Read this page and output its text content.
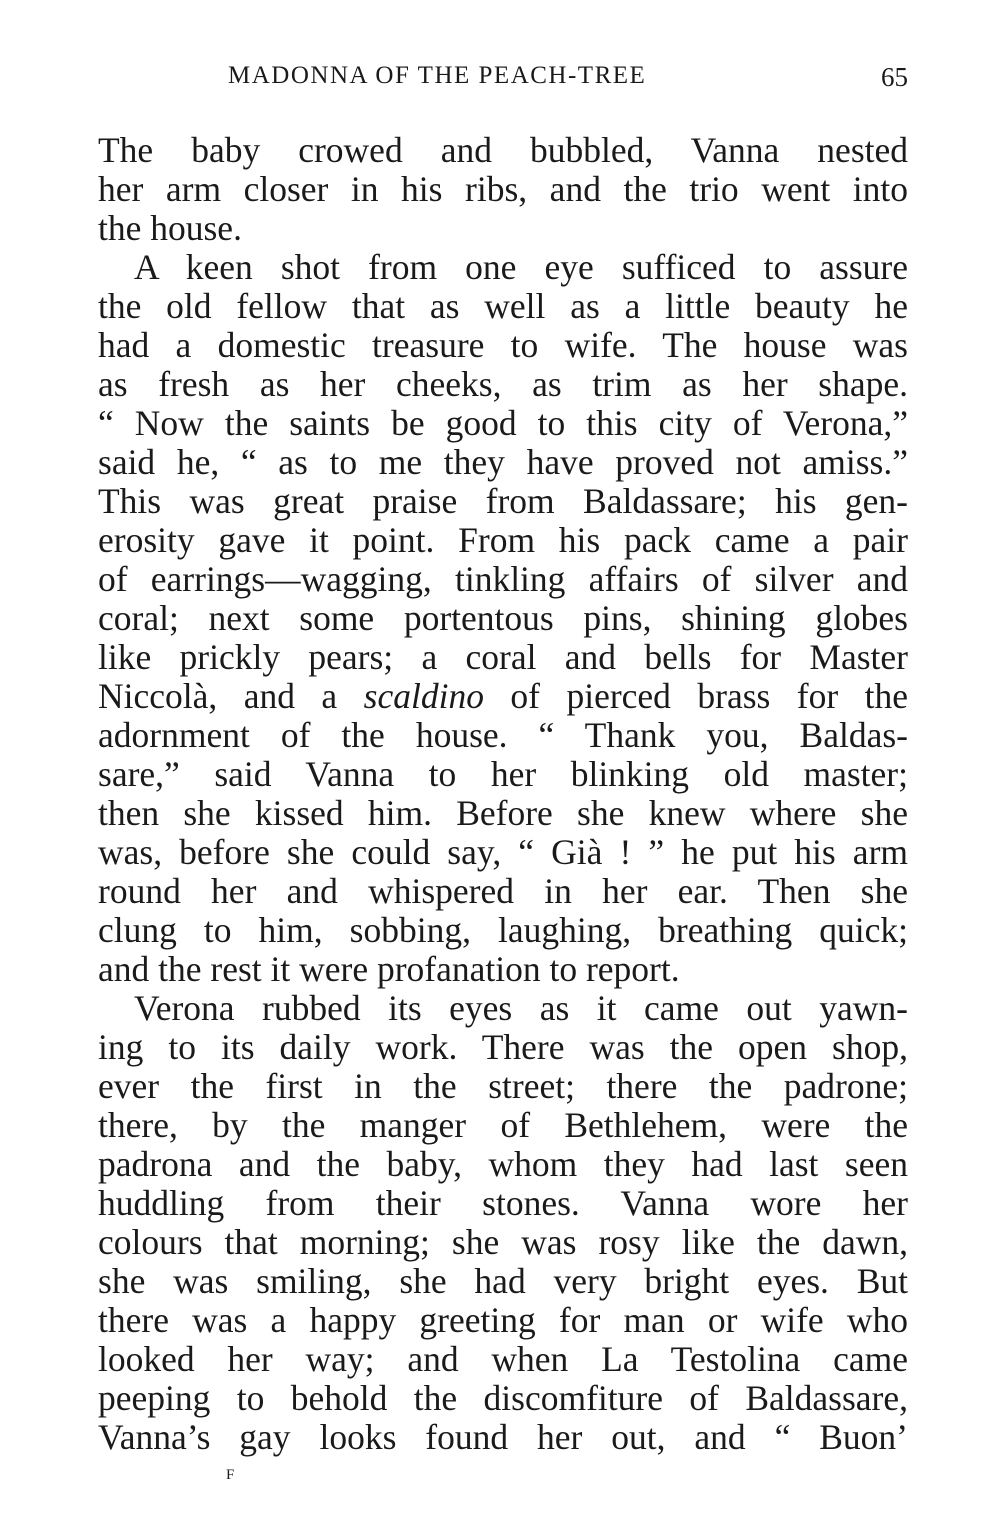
MADONNA OF THE PEACH-TREE	65
The baby crowed and bubbled, Vanna nested
her arm closer in his ribs, and the trio went into
the house.
A keen shot from one eye sufficed to assure
the old fellow that as well as a little beauty he
had a domestic treasure to wife. The house was
as fresh as her cheeks, as trim as her shape.
“ Now the saints be good to this city of Verona,”
said he, “ as to me they have proved not amiss.”
This was great praise from Baldassare; his gen-
erosity gave it point. From his pack came a pair
of earrings—wagging, tinkling affairs of silver and
coral; next some portentous pins, shining globes
like prickly pears; a coral and bells for Master
Niccolà, and a scaldino of pierced brass for the
adornment of the house. “ Thank you, Baldas-
sare,” said Vanna to her blinking old master;
then she kissed him. Before she knew where she
was, before she could say, “ Già ! ” he put his arm
round her and whispered in her ear. Then she
clung to him, sobbing, laughing, breathing quick;
and the rest it were profanation to report.
Verona rubbed its eyes as it came out yawn-
ing to its daily work. There was the open shop,
ever the first in the street; there the padrone;
there, by the manger of Bethlehem, were the
padrona and the baby, whom they had last seen
huddling from their stones. Vanna wore her
colours that morning; she was rosy like the dawn,
she was smiling, she had very bright eyes. But
there was a happy greeting for man or wife who
looked her way; and when La Testolina came
peeping to behold the discomfiture of Baldassare,
Vanna’s gay looks found her out, and “ Buon’
F
